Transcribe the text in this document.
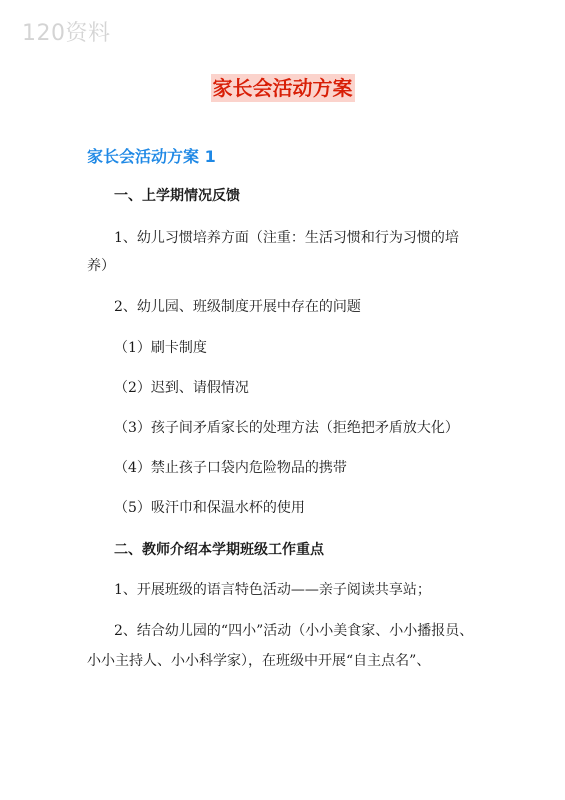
120资料
家长会活动方案
家长会活动方案 1
一、上学期情况反馈
1、幼儿习惯培养方面（注重：生活习惯和行为习惯的培
养）
2、幼儿园、班级制度开展中存在的问题
（1）刷卡制度
（2）迟到、请假情况
（3）孩子间矛盾家长的处理方法（拒绝把矛盾放大化）
（4）禁止孩子口袋内危险物品的携带
（5）吸汗巾和保温水杯的使用
二、教师介绍本学期班级工作重点
1、开展班级的语言特色活动——亲子阅读共享站；
2、结合幼儿园的“四小”活动（小小美食家、小小播报员、
小小主持人、小小科学家），在班级中开展“自主点名”、
